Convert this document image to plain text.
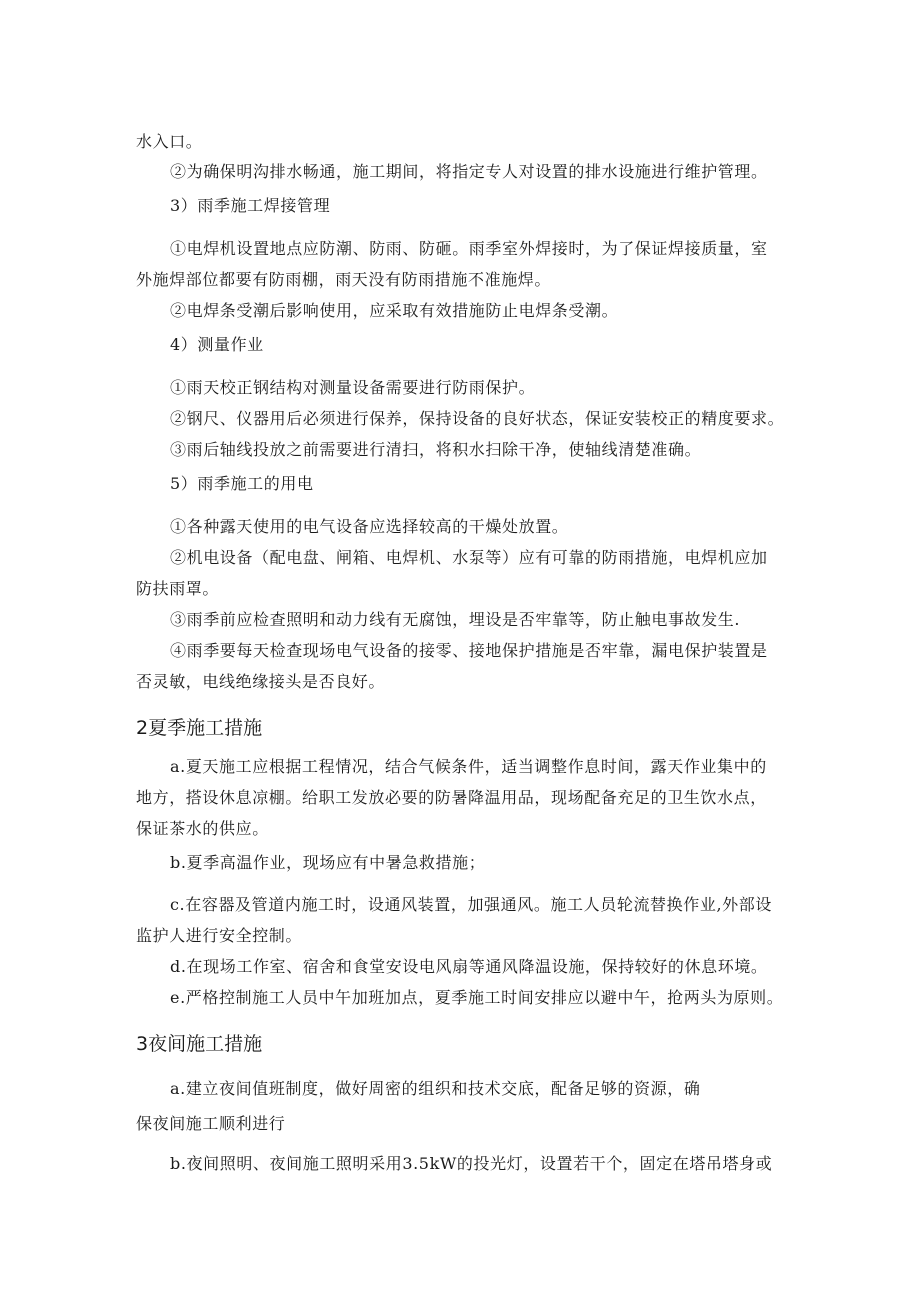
水入口。

②为确保明沟排水畅通，施工期间，将指定专人对设置的排水设施进行维护管理。

3）雨季施工焊接管理

①电焊机设置地点应防潮、防雨、防砸。雨季室外焊接时，为了保证焊接质量，室

外施焊部位都要有防雨棚，雨天没有防雨措施不准施焊。

②电焊条受潮后影响使用，应采取有效措施防止电焊条受潮。

4）测量作业

①雨天校正钢结构对测量设备需要进行防雨保护。

②钢尺、仪器用后必须进行保养，保持设备的良好状态，保证安装校正的精度要求。

③雨后轴线投放之前需要进行清扫，将积水扫除干净，使轴线清楚准确。

5）雨季施工的用电

①各种露天使用的电气设备应选择较高的干燥处放置。

②机电设备（配电盘、闸箱、电焊机、水泵等）应有可靠的防雨措施，电焊机应加

防扶雨罩。

③雨季前应检查照明和动力线有无腐蚀，埋设是否牢靠等，防止触电事故发生.

④雨季要每天检查现场电气设备的接零、接地保护措施是否牢靠，漏电保护装置是

否灵敏，电线绝缘接头是否良好。

2夏季施工措施

a.夏天施工应根据工程情况，结合气候条件，适当调整作息时间，露天作业集中的

地方，搭设休息凉棚。给职工发放必要的防暑降温用品，现场配备充足的卫生饮水点，

保证茶水的供应。

b.夏季高温作业，现场应有中暑急救措施；

c.在容器及管道内施工时，设通风装置，加强通风。施工人员轮流替换作业,外部设

监护人进行安全控制。

d.在现场工作室、宿舍和食堂安设电风扇等通风降温设施，保持较好的休息环境。

e.严格控制施工人员中午加班加点，夏季施工时间安排应以避中午，抢两头为原则。

3夜间施工措施

a.建立夜间值班制度，做好周密的组织和技术交底，配备足够的资源，确

保夜间施工顺利进行

b.夜间照明、夜间施工照明采用3.5kW的投光灯，设置若干个，固定在塔吊塔身或
